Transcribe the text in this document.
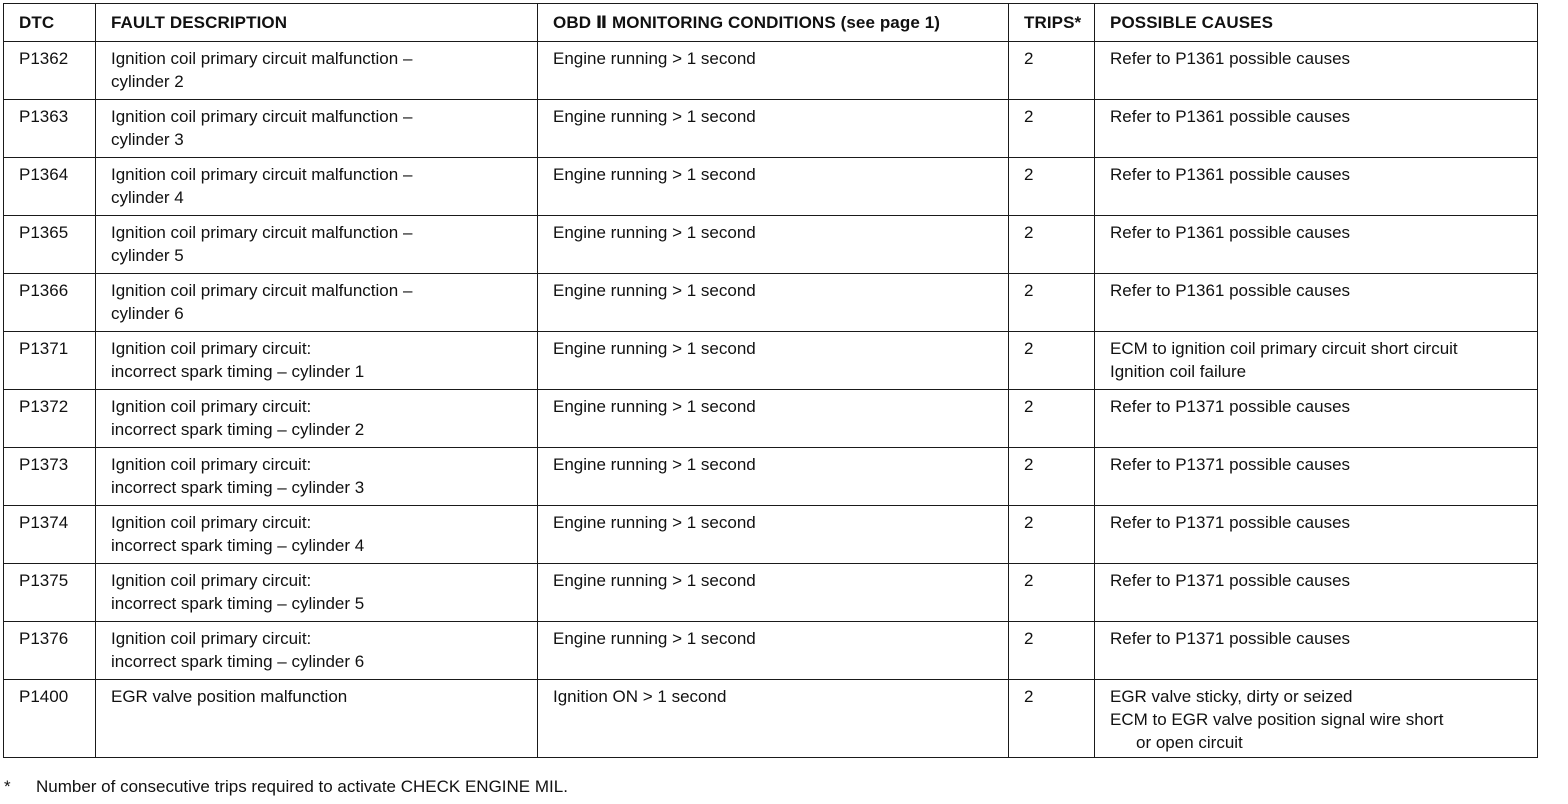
DTC	FAULT DESCRIPTION	OBD Ⅱ MONITORING CONDITIONS (see page 1)	TRIPS*	POSSIBLE CAUSES
P1362	Ignition coil primary circuit malfunction –
cylinder 2	Engine running > 1 second	2	Refer to P1361 possible causes

P1363	Ignition coil primary circuit malfunction –
cylinder 3	Engine running > 1 second	2	Refer to P1361 possible causes

P1364	Ignition coil primary circuit malfunction –
cylinder 4	Engine running > 1 second	2	Refer to P1361 possible causes

P1365	Ignition coil primary circuit malfunction –
cylinder 5	Engine running > 1 second	2	Refer to P1361 possible causes

P1366	Ignition coil primary circuit malfunction –
cylinder 6	Engine running > 1 second	2	Refer to P1361 possible causes

P1371	Ignition coil primary circuit:
incorrect spark timing – cylinder 1	Engine running > 1 second	2	ECM to ignition coil primary circuit short circuit
Ignition coil failure

P1372	Ignition coil primary circuit:
incorrect spark timing – cylinder 2	Engine running > 1 second	2	Refer to P1371 possible causes

P1373	Ignition coil primary circuit:
incorrect spark timing – cylinder 3	Engine running > 1 second	2	Refer to P1371 possible causes

P1374	Ignition coil primary circuit:
incorrect spark timing – cylinder 4	Engine running > 1 second	2	Refer to P1371 possible causes

P1375	Ignition coil primary circuit:
incorrect spark timing – cylinder 5	Engine running > 1 second	2	Refer to P1371 possible causes

P1376	Ignition coil primary circuit:
incorrect spark timing – cylinder 6	Engine running > 1 second	2	Refer to P1371 possible causes

P1400	EGR valve position malfunction	Ignition ON > 1 second	2	EGR valve sticky, dirty or seized
ECM to EGR valve position signal wire short
or open circuit
* Number of consecutive trips required to activate CHECK ENGINE MIL.
